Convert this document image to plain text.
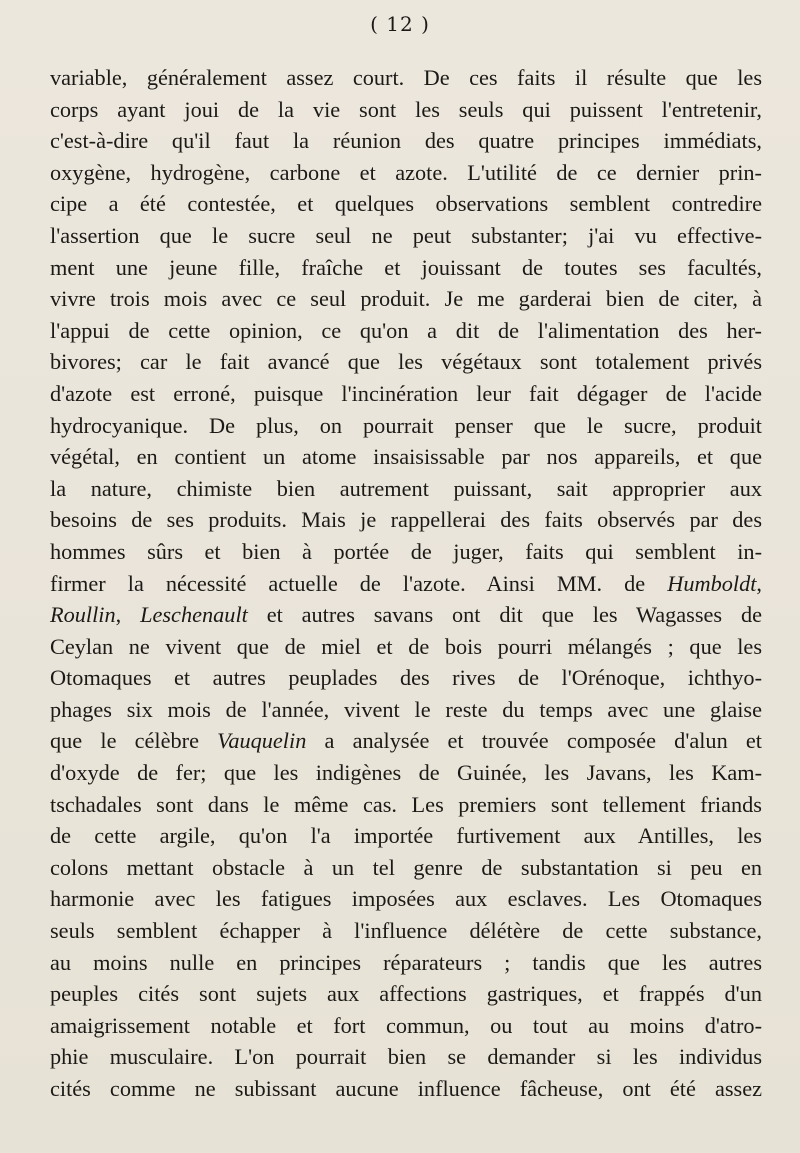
( 12 )
variable, généralement assez court. De ces faits il résulte que les
corps ayant joui de la vie sont les seuls qui puissent l'entretenir,
c'est-à-dire qu'il faut la réunion des quatre principes immédiats,
oxygène, hydrogène, carbone et azote. L'utilité de ce dernier prin-
cipe a été contestée, et quelques observations semblent contredire
l'assertion que le sucre seul ne peut substanter; j'ai vu effective-
ment une jeune fille, fraîche et jouissant de toutes ses facultés,
vivre trois mois avec ce seul produit. Je me garderai bien de citer, à
l'appui de cette opinion, ce qu'on a dit de l'alimentation des her-
bivores; car le fait avancé que les végétaux sont totalement privés
d'azote est erroné, puisque l'incinération leur fait dégager de l'acide
hydrocyanique. De plus, on pourrait penser que le sucre, produit
végétal, en contient un atome insaisissable par nos appareils, et que
la nature, chimiste bien autrement puissant, sait approprier aux
besoins de ses produits. Mais je rappellerai des faits observés par des
hommes sûrs et bien à portée de juger, faits qui semblent in-
firmer la nécessité actuelle de l'azote. Ainsi MM. de Humboldt,
Roullin, Leschenault et autres savans ont dit que les Wagasses de
Ceylan ne vivent que de miel et de bois pourri mélangés ; que les
Otomaques et autres peuplades des rives de l'Orénoque, ichthyo-
phages six mois de l'année, vivent le reste du temps avec une glaise
que le célèbre Vauquelin a analysée et trouvée composée d'alun et
d'oxyde de fer; que les indigènes de Guinée, les Javans, les Kam-
tschadales sont dans le même cas. Les premiers sont tellement friands
de cette argile, qu'on l'a importée furtivement aux Antilles, les
colons mettant obstacle à un tel genre de substantation si peu en
harmonie avec les fatigues imposées aux esclaves. Les Otomaques
seuls semblent échapper à l'influence délétère de cette substance,
au moins nulle en principes réparateurs ; tandis que les autres
peuples cités sont sujets aux affections gastriques, et frappés d'un
amaigrissement notable et fort commun, ou tout au moins d'atro-
phie musculaire. L'on pourrait bien se demander si les individus
cités comme ne subissant aucune influence fâcheuse, ont été assez
